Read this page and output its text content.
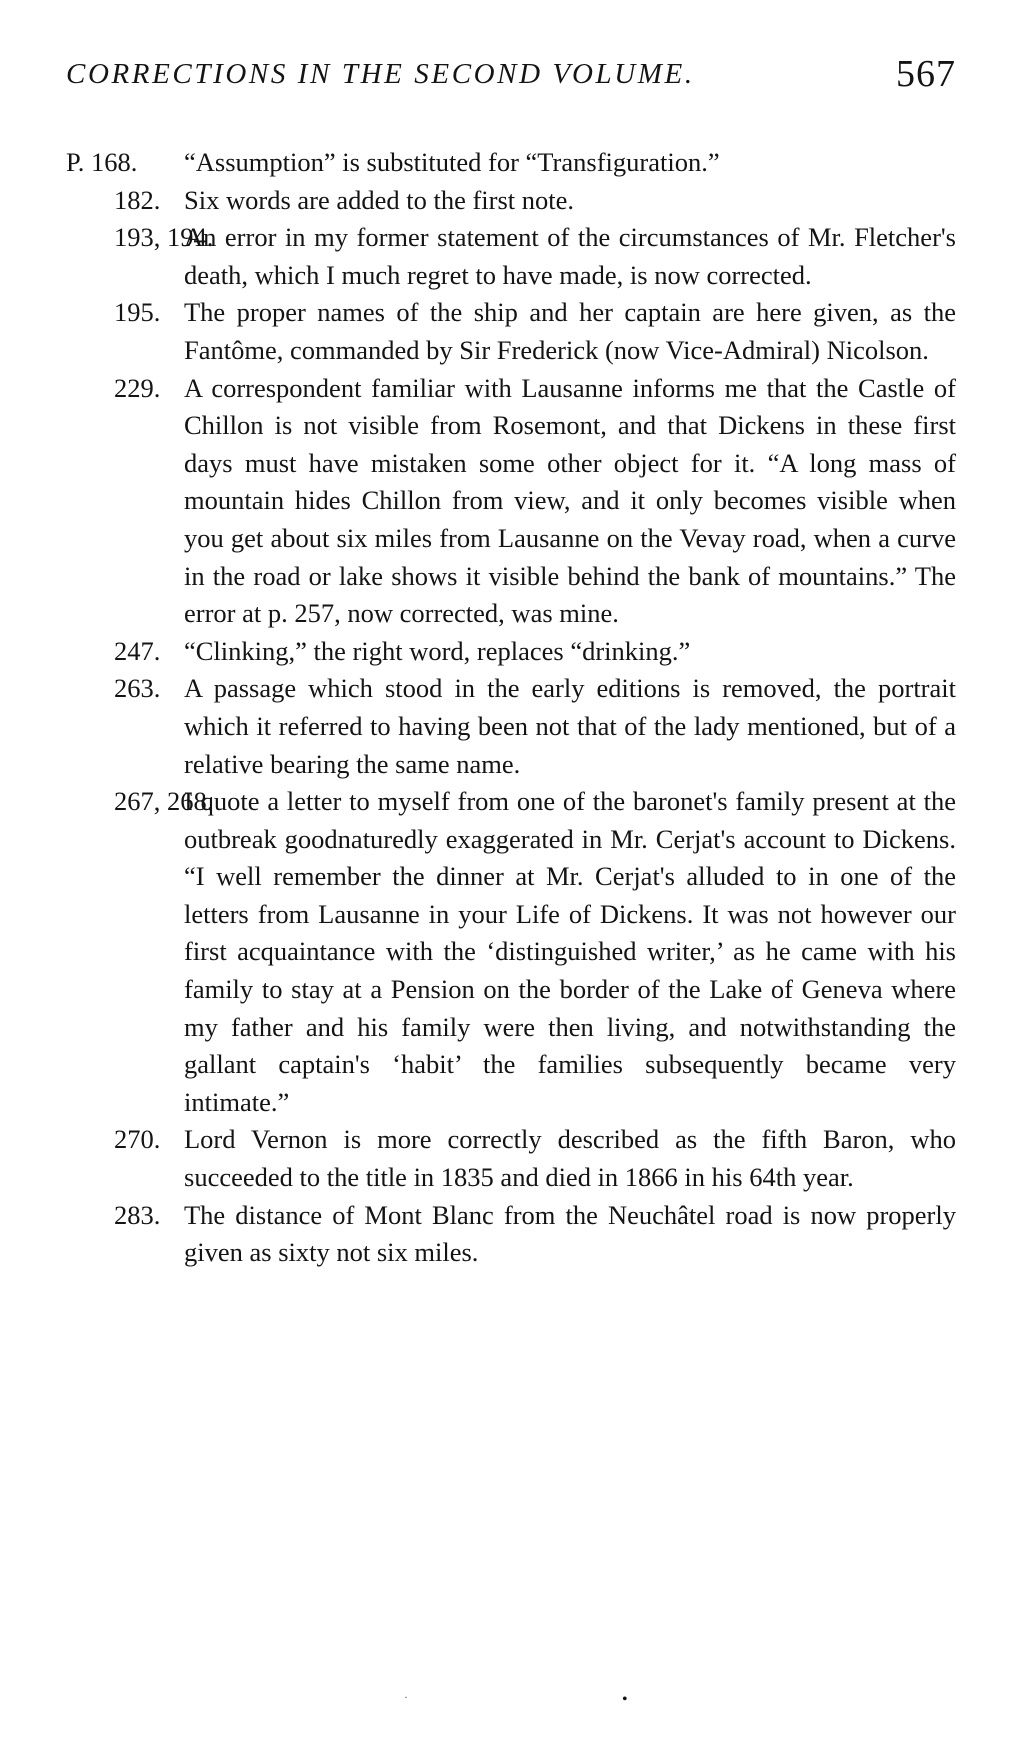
CORRECTIONS IN THE SECOND VOLUME.	567
P. 168. “Assumption” is substituted for “Transfiguration.”
182. Six words are added to the first note.
193, 194.
An error in my former statement of the circumstances of Mr. Fletcher's death, which I much regret to have made, is now corrected.
195. The proper names of the ship and her captain are here given, as the Fantôme, commanded by Sir Frederick (now Vice-Admiral) Nicolson.
229. A correspondent familiar with Lausanne informs me that the Castle of Chillon is not visible from Rosemont, and that Dickens in these first days must have mistaken some other object for it. “A long mass of mountain hides Chillon from view, and it only becomes visible when you get about six miles from Lausanne on the Vevay road, when a curve in the road or lake shows it visible behind the bank of mountains.” The error at p. 257, now corrected, was mine.
247. “Clinking,” the right word, replaces “drinking.”
263. A passage which stood in the early editions is removed, the portrait which it referred to having been not that of the lady mentioned, but of a relative bearing the same name.
267, 268.
I quote a letter to myself from one of the baronet's family present at the outbreak goodnaturedly exaggerated in Mr. Cerjat's account to Dickens. “I well remember the dinner at Mr. Cerjat's alluded to in one of the letters from Lausanne in your Life of Dickens. It was not however our first acquaintance with the ‘distinguished writer,’ as he came with his family to stay at a Pension on the border of the Lake of Geneva where my father and his family were then living, and notwithstanding the gallant captain's ‘habit’ the families subsequently became very intimate.”
270. Lord Vernon is more correctly described as the fifth Baron, who succeeded to the title in 1835 and died in 1866 in his 64th year.
283. The distance of Mont Blanc from the Neuchâtel road is now properly given as sixty not six miles.
•
·
